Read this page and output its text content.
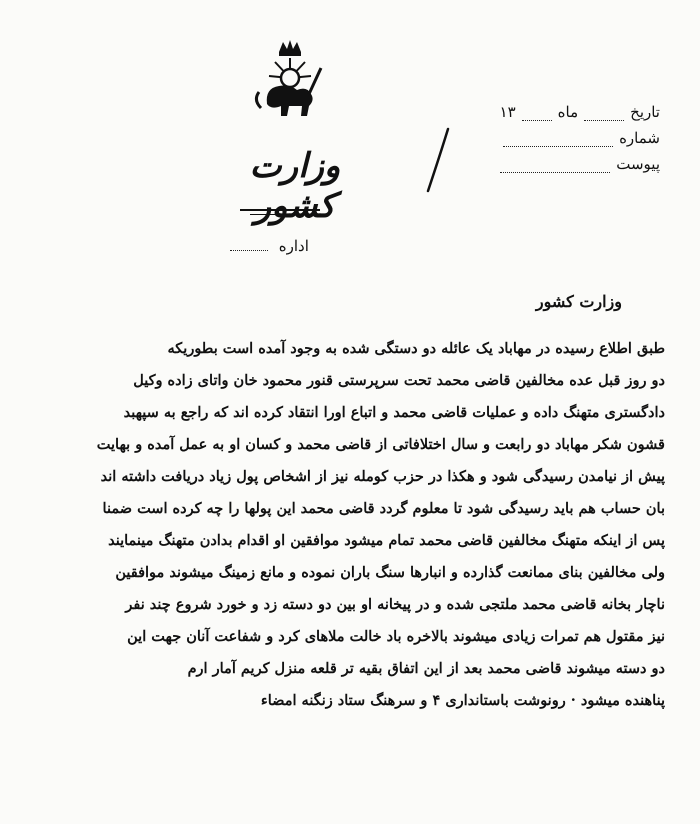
وزارت کشور
تاریخ
ماه
۱۳
شماره
پیوست
اداره
وزارت کشور
طبق اطلاع رسیده در مهاباد یک عائله دو دستگی شده به وجود آمده است بطوریکه
دو روز قبل عده مخالفین قاضی محمد تحت سرپرستی قنور محمود خان واتای زاده وکیل
دادگستری متهنگ داده و عملیات قاضی محمد و اتباع اورا انتقاد کرده اند که راجع به سپهبد
قشون شکر مهاباد دو رابعت و سال اختلافاتی از قاضی محمد و کسان او به عمل آمده و بهایت
پیش از نیامدن رسیدگی شود و هکذا در حزب کومله نیز از اشخاص پول زیاد دریافت داشته اند
بان حساب هم باید رسیدگی شود تا معلوم گردد قاضی محمد این پولها را چه کرده است ضمنا
پس از اینکه متهنگ مخالفین قاضی محمد تمام میشود موافقین او اقدام بدادن متهنگ مینمایند
ولی مخالفین بنای ممانعت گذارده و انبارها سنگ باران نموده و مانع زمینگ میشوند موافقین
ناچار بخانه قاضی محمد ملتجی شده و در پیخانه او بین دو دسته زد و خورد شروع چند نفر
نیز مقتول هم تمرات زیادی میشوند بالاخره باد خالت ملاهای کرد و شفاعت آنان جهت این
دو دسته میشوند قاضی محمد بعد از این اتفاق بقیه تر قلعه منزل کریم آمار ارم
پناهنده میشود · رونوشت باستانداری ۴ و سرهنگ ستاد زنگنه امضاء
